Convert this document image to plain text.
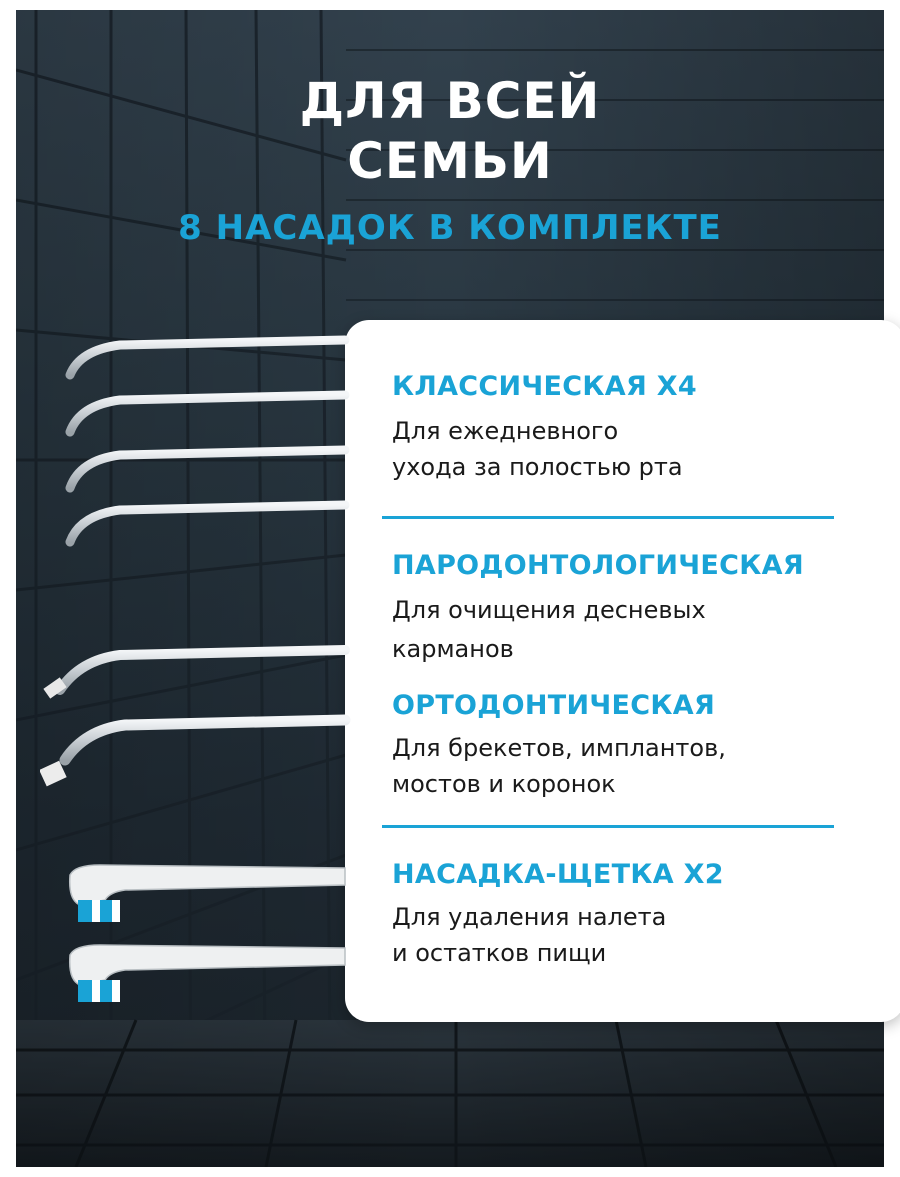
ДЛЯ ВСЕЙ
СЕМЬИ
8 НАСАДОК В КОМПЛЕКТЕ
КЛАССИЧЕСКАЯ Х4
Для ежедневного
ухода за полостью рта
ПАРОДОНТОЛОГИЧЕСКАЯ
Для очищения десневых
карманов
ОРТОДОНТИЧЕСКАЯ
Для брекетов, имплантов,
мостов и коронок
НАСАДКА-ЩЕТКА Х2
Для удаления налета
и остатков пищи
